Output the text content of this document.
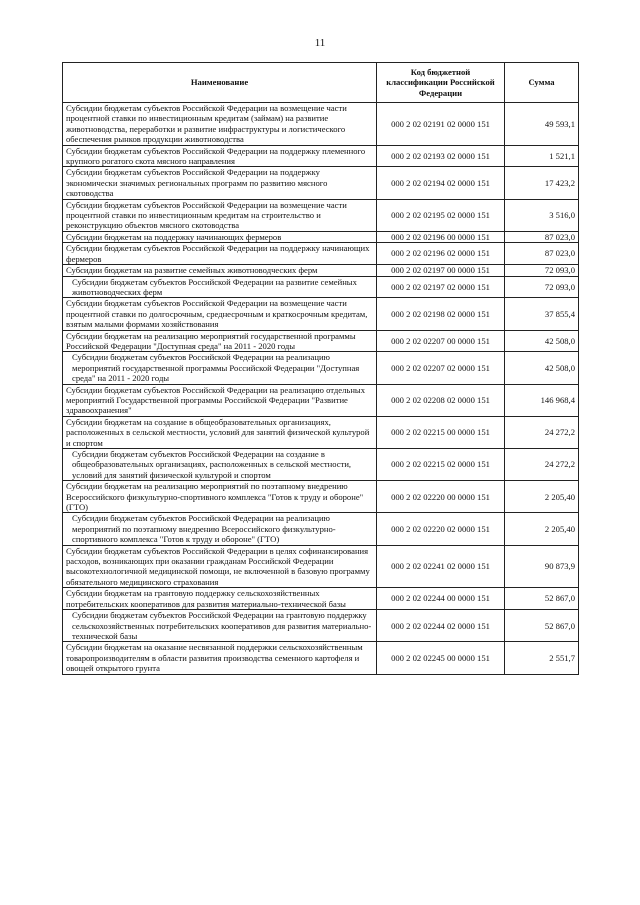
11
Наименование	Код бюджетной классификации Российской Федерации	Сумма
Субсидии бюджетам субъектов Российской Федерации на возмещение части процентной ставки по инвестиционным кредитам (займам) на развитие животноводства, переработки и развитие инфраструктуры и логистического обеспечения рынков продукции животноводства	000 2 02 02191 02 0000 151	49 593,1
Субсидии бюджетам субъектов Российской Федерации на поддержку племенного крупного рогатого скота мясного направления	000 2 02 02193 02 0000 151	1 521,1
Субсидии бюджетам субъектов Российской Федерации на поддержку экономически значимых региональных программ по развитию мясного скотоводства	000 2 02 02194 02 0000 151	17 423,2
Субсидии бюджетам субъектов Российской Федерации на возмещение части процентной ставки по инвестиционным кредитам на строительство и реконструкцию объектов мясного скотоводства	000 2 02 02195 02 0000 151	3 516,0
Субсидии бюджетам на поддержку начинающих фермеров	000 2 02 02196 00 0000 151	87 023,0
Субсидии бюджетам субъектов Российской Федерации на поддержку начинающих фермеров	000 2 02 02196 02 0000 151	87 023,0
Субсидии бюджетам на развитие семейных животноводческих ферм	000 2 02 02197 00 0000 151	72 093,0
Субсидии бюджетам субъектов Российской Федерации на развитие семейных животноводческих ферм	000 2 02 02197 02 0000 151	72 093,0
Субсидии бюджетам субъектов Российской Федерации на возмещение части процентной ставки по долгосрочным, среднесрочным и краткосрочным кредитам, взятым малыми формами хозяйствования	000 2 02 02198 02 0000 151	37 855,4
Субсидии бюджетам на реализацию мероприятий государственной программы Российской Федерации "Доступная среда" на 2011 - 2020 годы	000 2 02 02207 00 0000 151	42 508,0
Субсидии бюджетам субъектов Российской Федерации на реализацию мероприятий государственной программы Российской Федерации "Доступная среда" на 2011 - 2020 годы	000 2 02 02207 02 0000 151	42 508,0
Субсидии бюджетам субъектов Российской Федерации на реализацию отдельных мероприятий Государственной программы Российской Федерации "Развитие здравоохранения"	000 2 02 02208 02 0000 151	146 968,4
Субсидии бюджетам на создание в общеобразовательных организациях, расположенных в сельской местности, условий для занятий физической культурой и спортом	000 2 02 02215 00 0000 151	24 272,2
Субсидии бюджетам субъектов Российской Федерации на создание в общеобразовательных организациях, расположенных в сельской местности, условий для занятий физической культурой и спортом	000 2 02 02215 02 0000 151	24 272,2
Субсидии бюджетам на реализацию мероприятий по поэтапному внедрению Всероссийского физкультурно-спортивного комплекса "Готов к труду и обороне" (ГТО)	000 2 02 02220 00 0000 151	2 205,40
Субсидии бюджетам субъектов Российской Федерации на реализацию мероприятий по поэтапному внедрению Всероссийского физкультурно-спортивного комплекса "Готов к труду и обороне" (ГТО)	000 2 02 02220 02 0000 151	2 205,40
Субсидии бюджетам субъектов Российской Федерации в целях софинансирования расходов, возникающих при оказании гражданам Российской Федерации высокотехнологичной медицинской помощи, не включенной в базовую программу обязательного медицинского страхования	000 2 02 02241 02 0000 151	90 873,9
Субсидии бюджетам на грантовую поддержку сельскохозяйственных потребительских кооперативов для развития материально-технической базы	000 2 02 02244 00 0000 151	52 867,0
Субсидии бюджетам субъектов Российской Федерации на грантовую поддержку сельскохозяйственных потребительских кооперативов для развития материально-технической базы	000 2 02 02244 02 0000 151	52 867,0
Субсидии бюджетам на оказание несвязанной поддержки сельскохозяйственным товаропроизводителям в области развития производства семенного картофеля и овощей открытого грунта	000 2 02 02245 00 0000 151	2 551,7
